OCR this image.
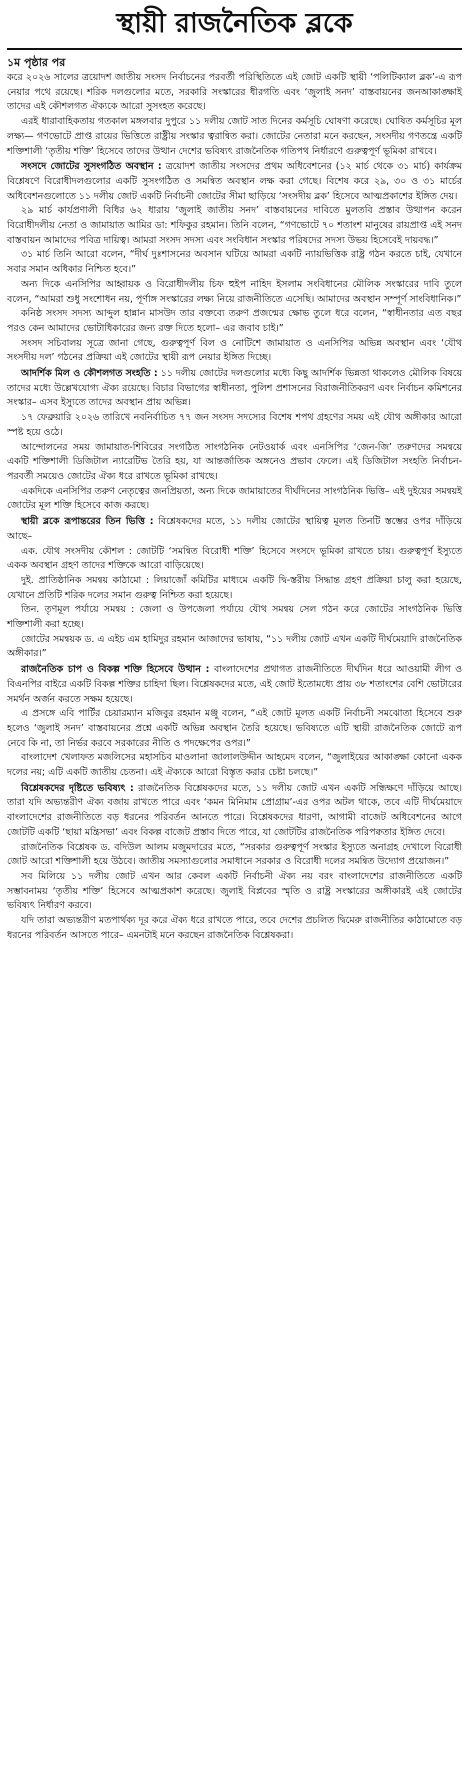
স্থায়ী রাজনৈতিক ব্লকে
১ম পৃষ্ঠার পর

করে ২০২৬ সালের ত্রয়োদশ জাতীয় সংসদ নির্বাচনের পরবর্তী পরিস্থিতিতে এই জোট একটি স্থায়ী ‘পলিটিক্যাল ব্লক’-এ রূপ নেয়ার পথে রয়েছে। শরিক দলগুলোর মতে, সরকারি সংস্কারের ধীরগতি এবং ‘জুলাই সনদ’ বাস্তবায়নের জনআকাঙ্ক্ষাই তাদের এই কৌশলগত ঐক্যকে আরো সুসংহত করেছে।

এরই ধারাবাহিকতায় গতকাল মঙ্গলবার দুপুরে ১১ দলীয় জোট সাত দিনের কর্মসূচি ঘোষণা করেছে। ঘোষিত কর্মসূচির মূল লক্ষ্য— গণভোটে প্রাপ্ত রায়ের ভিত্তিতে রাষ্ট্রীয় সংস্কার ত্বরান্বিত করা। জোটের নেতারা মনে করছেন, সংসদীয় গণতন্ত্রে একটি শক্তিশালী ‘তৃতীয় শক্তি’ হিসেবে তাদের উত্থান দেশের ভবিষ্যৎ রাজনৈতিক গতিপথ নির্ধারণে গুরুত্বপূর্ণ ভূমিকা রাখবে।

সংসদে জোটের সুসংগঠিত অবস্থান : ত্রয়োদশ জাতীয় সংসদের প্রথম অধিবেশনের (১২ মার্চ থেকে ৩১ মার্চ) কার্যক্রম বিশ্লেষণে বিরোধীদলগুলোর একটি সুসংগঠিত ও সমন্বিত অবস্থান লক্ষ করা গেছে। বিশেষ করে ২৯, ৩০ ও ৩১ মার্চের অধিবেশনগুলোতে ১১ দলীয় জোট একটি নির্বাচনী জোটের সীমা ছাড়িয়ে ‘সংসদীয় ব্লক’ হিসেবে আত্মপ্রকাশের ইঙ্গিত দেয়।

২৯ মার্চ কার্যপ্রণালী বিধির ৬২ ধারায় ‘জুলাই জাতীয় সনদ’ বাস্তবায়নের দাবিতে মুলতবি প্রস্তাব উত্থাপন করেন বিরোধীদলীয় নেতা ও জামায়াত আমির ডা: শফিকুর রহমান। তিনি বলেন, “গণভোটে ৭০ শতাংশ মানুষের রায়প্রাপ্ত এই সনদ বাস্তবায়ন আমাদের পবিত্র দায়িত্ব। আমরা সংসদ সদস্য এবং সংবিধান সংস্কার পরিষদের সদস্য উভয় হিসেবেই দায়বদ্ধ।”

৩১ মার্চ তিনি আরো বলেন, “দীর্ঘ দুঃশাসনের অবসান ঘটিয়ে আমরা একটি ন্যায়ভিত্তিক রাষ্ট্র গঠন করতে চাই, যেখানে সবার সমান অধিকার নিশ্চিত হবে।”

অন্য দিকে এনসিপির আহ্বায়ক ও বিরোধীদলীয় চিফ হুইপ নাহিদ ইসলাম সংবিধানের মৌলিক সংস্কারের দাবি তুলে বলেন, “আমরা শুধু সংশোধন নয়, পূর্ণাঙ্গ সংস্কারের লক্ষ্য নিয়ে রাজনীতিতে এসেছি। আমাদের অবস্থান সম্পূর্ণ সাংবিধানিক।”

কনিষ্ঠ সংসদ সদস্য আব্দুল হান্নান মাসউদ তার বক্তব্যে তরুণ প্রজন্মের ক্ষোভ তুলে ধরে বলেন, “স্বাধীনতার এত বছর পরও কেন আমাদের ভোটাধিকারের জন্য রক্ত দিতে হলো– এর জবাব চাই।”

সংসদ সচিবালয় সূত্রে জানা গেছে, গুরুত্বপূর্ণ বিল ও নোটিশে জামায়াত ও এনসিপির অভিন্ন অবস্থান এবং ‘যৌথ সংসদীয় দল’ গঠনের প্রক্রিয়া এই জোটের স্থায়ী রূপ নেয়ার ইঙ্গিত দিচ্ছে।

আদর্শিক মিল ও কৌশলগত সংহতি : ১১ দলীয় জোটের দলগুলোর মধ্যে কিছু আদর্শিক ভিন্নতা থাকলেও মৌলিক বিষয়ে তাদের মধ্যে উল্লেখযোগ্য ঐক্য রয়েছে। বিচার বিভাগের স্বাধীনতা, পুলিশ প্রশাসনের বিরাজনীতিকরণ এবং নির্বাচন কমিশনের সংস্কার– এসব ইস্যুতে তাদের অবস্থান প্রায় অভিন্ন।

১৭ ফেব্রুয়ারি ২০২৬ তারিখে নবনির্বাচিত ৭৭ জন সংসদ সদস্যের বিশেষ শপথ গ্রহণের সময় এই যৌথ অঙ্গীকার আরো স্পষ্ট হয়ে ওঠে।

আন্দোলনের সময় জামায়াত-শিবিরের সংগঠিত সাংগঠনিক নেটওয়ার্ক এবং এনসিপির ‘জেন-জি’ তরুণদের সমন্বয়ে একটি শক্তিশালী ডিজিটাল ন্যারেটিভ তৈরি হয়, যা আন্তর্জাতিক অঙ্গনেও প্রভাব ফেলে। এই ডিজিটাল সংহতি নির্বাচন-পরবর্তী সময়েও জোটের ঐক্য ধরে রাখতে ভূমিকা রাখছে।

একদিকে এনসিপির তরুণ নেতৃত্বের জনপ্রিয়তা, অন্য দিকে জামায়াতের দীর্ঘদিনের সাংগঠনিক ভিত্তি– এই দুইয়ের সমন্বয়ই জোটের মূল শক্তি হিসেবে কাজ করছে।

স্থায়ী ব্লকে রূপান্তরের তিন ভিত্তি : বিশ্লেষকদের মতে, ১১ দলীয় জোটের স্থায়িত্ব মূলত তিনটি স্তম্ভের ওপর দাঁড়িয়ে আছে–

এক. যৌথ সংসদীয় কৌশল : জোটটি ‘সমন্বিত বিরোধী শক্তি’ হিসেবে সংসদে ভূমিকা রাখতে চায়। গুরুত্বপূর্ণ ইস্যুতে একক অবস্থান গ্রহণ তাদের শক্তিকে আরো বাড়িয়েছে।

দুই. প্রাতিষ্ঠানিক সমন্বয় কাঠামো : লিয়াজোঁ কমিটির মাধ্যমে একটি দ্বি-স্তরীয় সিদ্ধান্ত গ্রহণ প্রক্রিয়া চালু করা হয়েছে, যেখানে প্রতিটি শরিক দলের সমান গুরুত্ব নিশ্চিত করা হয়েছে।

তিন. তৃণমূল পর্যায়ে সমন্বয় : জেলা ও উপজেলা পর্যায়ে যৌথ সমন্বয় সেল গঠন করে জোটের সাংগঠনিক ভিত্তি শক্তিশালী করা হচ্ছে।

জোটের সমন্বয়ক ড. এ এইচ এম হামিদুর রহমান আজাদের ভাষায়, “১১ দলীয় জোট এখন একটি দীর্ঘমেয়াদি রাজনৈতিক অঙ্গীকার।”

রাজনৈতিক চাপ ও বিকল্প শক্তি হিসেবে উত্থান : বাংলাদেশের প্রথাগত রাজনীতিতে দীর্ঘদিন ধরে আওয়ামী লীগ ও বিএনপির বাইরে একটি বিকল্প শক্তির চাহিদা ছিল। বিশ্লেষকদের মতে, এই জোট ইতোমধ্যে প্রায় ৩৮ শতাংশের বেশি ভোটারের সমর্থন অর্জন করতে সক্ষম হয়েছে।

এ প্রসঙ্গে এবি পার্টির চেয়ারম্যান মজিবুর রহমান মঞ্জু বলেন, “এই জোট মূলত একটি নির্বাচনী সমঝোতা হিসেবে শুরু হলেও ‘জুলাই সনদ’ বাস্তবায়নের প্রশ্নে একটি অভিন্ন অবস্থান তৈরি হয়েছে। ভবিষ্যতে এটি স্থায়ী রাজনৈতিক জোটে রূপ নেবে কি না, তা নির্ভর করবে সরকারের নীতি ও পদক্ষেপের ওপর।”

বাংলাদেশ খেলাফত মজলিসের মহাসচিব মাওলানা জালালউদ্দীন আহমেদ বলেন, “জুলাইয়ের আকাঙ্ক্ষা কোনো একক দলের নয়; এটি একটি জাতীয় চেতনা। এই ঐক্যকে আরো বিস্তৃত করার চেষ্টা চলছে।”

বিশ্লেষকদের দৃষ্টিতে ভবিষ্যৎ : রাজনৈতিক বিশ্লেষকদের মতে, ১১ দলীয় জোট এখন একটি সন্ধিক্ষণে দাঁড়িয়ে আছে। তারা যদি অভ্যন্তরীণ ঐক্য বজায় রাখতে পারে এবং ‘কমন মিনিমাম প্রোগ্রাম’-এর ওপর অটল থাকে, তবে এটি দীর্ঘমেয়াদে বাংলাদেশের রাজনীতিতে বড় ধরনের পরিবর্তন আনতে পারে। বিশ্লেষকদের ধারণা, আগামী বাজেট অধিবেশনের আগে জোটটি একটি ‘ছায়া মন্ত্রিসভা’ এবং বিকল্প বাজেট প্রস্তাব দিতে পারে, যা জোটটির রাজনৈতিক পরিপক্বতার ইঙ্গিত দেবে।

রাজনৈতিক বিশ্লেষক ড. বদিউল আলম মজুমদারের মতে, “সরকার গুরুত্বপূর্ণ সংস্কার ইস্যুতে অনাগ্রহ দেখালে বিরোধী জোট আরো শক্তিশালী হয়ে উঠবে। জাতীয় সমস্যাগুলোর সমাধানে সরকার ও বিরোধী দলের সমন্বিত উদ্যোগ প্রয়োজন।”

সব মিলিয়ে ১১ দলীয় জোট এখন আর কেবল একটি নির্বাচনী ঐক্য নয় বরং বাংলাদেশের রাজনীতিতে একটি সম্ভাবনাময় ‘তৃতীয় শক্তি’ হিসেবে আত্মপ্রকাশ করেছে। জুলাই বিপ্লবের স্মৃতি ও রাষ্ট্র সংস্কারের অঙ্গীকারই এই জোটের ভবিষ্যৎ নির্ধারণ করবে।

যদি তারা অভ্যন্তরীণ মতপার্থক্য দূর করে ঐক্য ধরে রাখতে পারে, তবে দেশের প্রচলিত দ্বিমেরু রাজনীতির কাঠামোতে বড় ধরনের পরিবর্তন আসতে পারে– এমনটাই মনে করছেন রাজনৈতিক বিশ্লেষকরা।
